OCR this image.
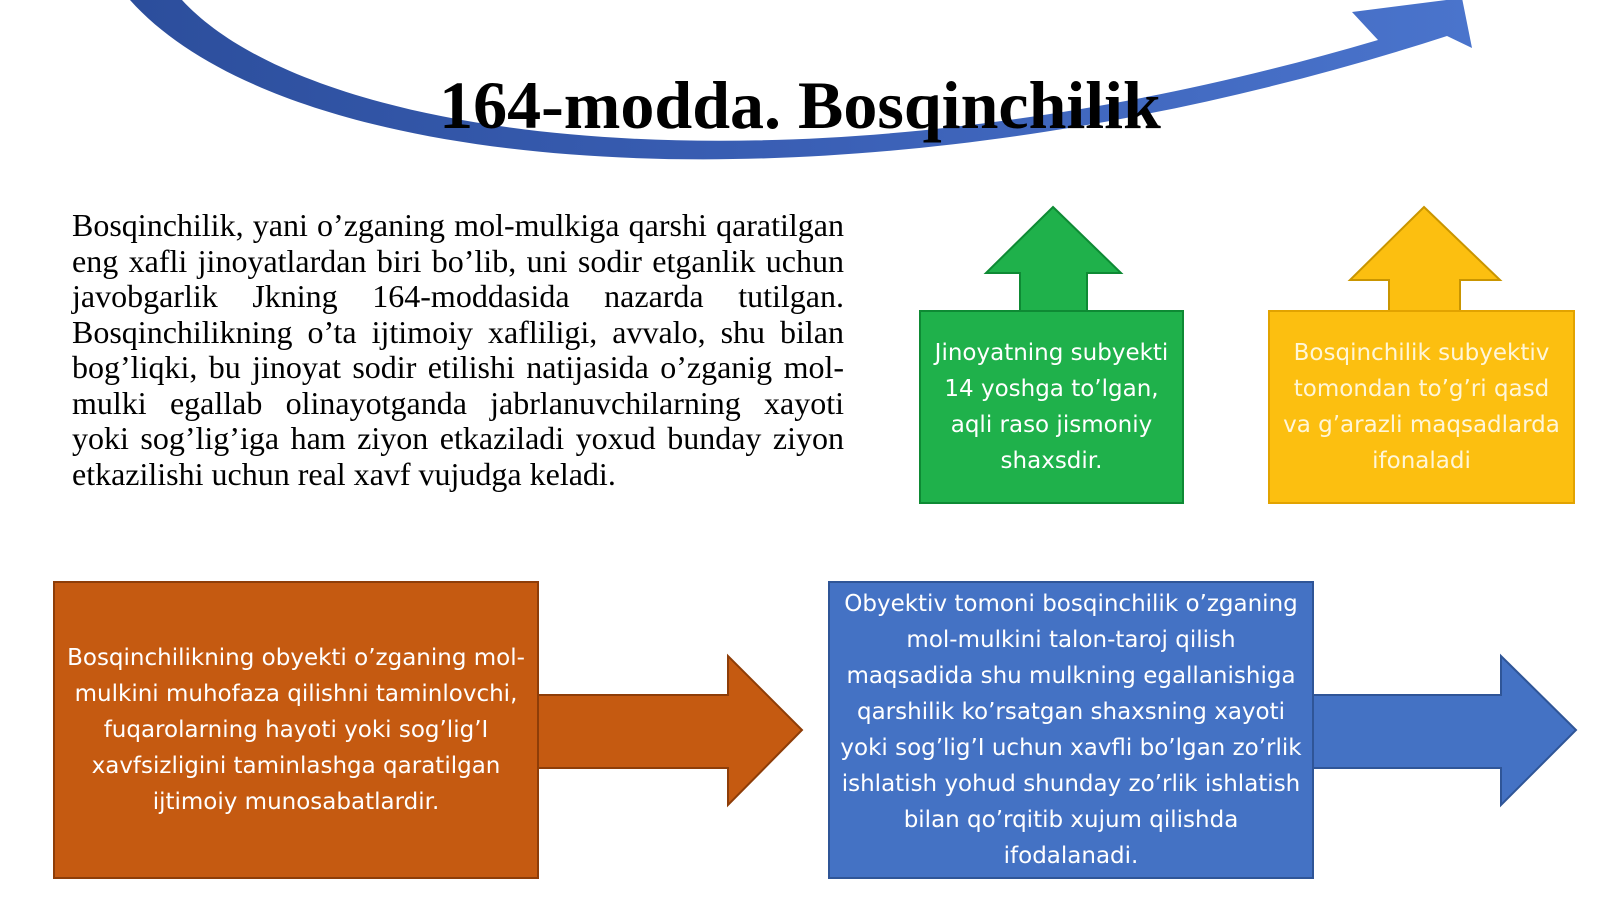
164-modda. Bosqinchilik

Bosqinchilik, yani o’zganing mol-mulkiga qarshi qaratilgan eng xafli jinoyatlardan biri bo’lib, uni sodir etganlik uchun javobgarlik Jkning 164-moddasida nazarda tutilgan. Bosqinchilikning o’ta ijtimoiy xafliligi, avvalo, shu bilan bog’liqki, bu jinoyat sodir etilishi natijasida o’zganig mol-mulki egallab olinayotganda jabrlanuvchilarning xayoti yoki sog’lig’iga ham ziyon etkaziladi yoxud bunday ziyon etkazilishi uchun real xavf vujudga keladi.

Jinoyatning subyekti 14 yoshga to’lgan, aqli raso jismoniy shaxsdir.
Bosqinchilik subyektiv tomondan to’g’ri qasd va g’arazli maqsadlarda ifonaladi
Bosqinchilikning obyekti o’zganing mol-mulkini muhofaza qilishni taminlovchi, fuqarolarning hayoti yoki sog’lig’I xavfsizligini taminlashga qaratilgan ijtimoiy munosabatlardir.
Obyektiv tomoni bosqinchilik o’zganing mol-mulkini talon-taroj qilish maqsadida shu mulkning egallanishiga qarshilik ko’rsatgan shaxsning xayoti yoki sog’lig’I uchun xavfli bo’lgan zo’rlik ishlatish yohud shunday zo’rlik ishlatish bilan qo’rqitib xujum qilishda ifodalanadi.
